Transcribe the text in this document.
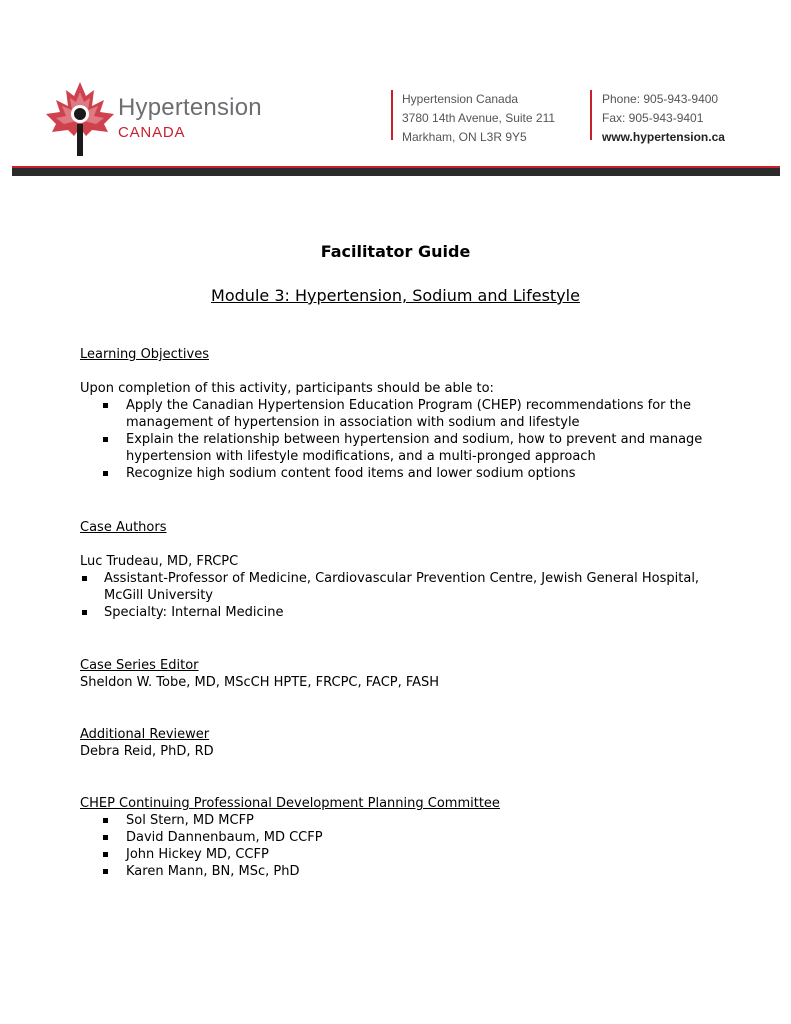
Hypertension
CANADA
Hypertension Canada
3780 14th Avenue, Suite 211
Markham, ON L3R 9Y5
Phone: 905-943-9400
Fax: 905-943-9401
www.hypertension.ca
Facilitator Guide
Module 3: Hypertension, Sodium and Lifestyle
Learning Objectives
Upon completion of this activity, participants should be able to:
Apply the Canadian Hypertension Education Program (CHEP) recommendations for the management of hypertension in association with sodium and lifestyle
Explain the relationship between hypertension and sodium, how to prevent and manage hypertension with lifestyle modifications, and a multi-pronged approach
Recognize high sodium content food items and lower sodium options
Case Authors
Luc Trudeau, MD, FRCPC
Assistant-Professor of Medicine, Cardiovascular Prevention Centre, Jewish General Hospital, McGill University
Specialty: Internal Medicine
Case Series Editor
Sheldon W. Tobe, MD, MScCH HPTE, FRCPC, FACP, FASH
Additional Reviewer
Debra Reid, PhD, RD
CHEP Continuing Professional Development Planning Committee
Sol Stern, MD MCFP
David Dannenbaum, MD CCFP
John Hickey MD, CCFP
Karen Mann, BN, MSc, PhD
